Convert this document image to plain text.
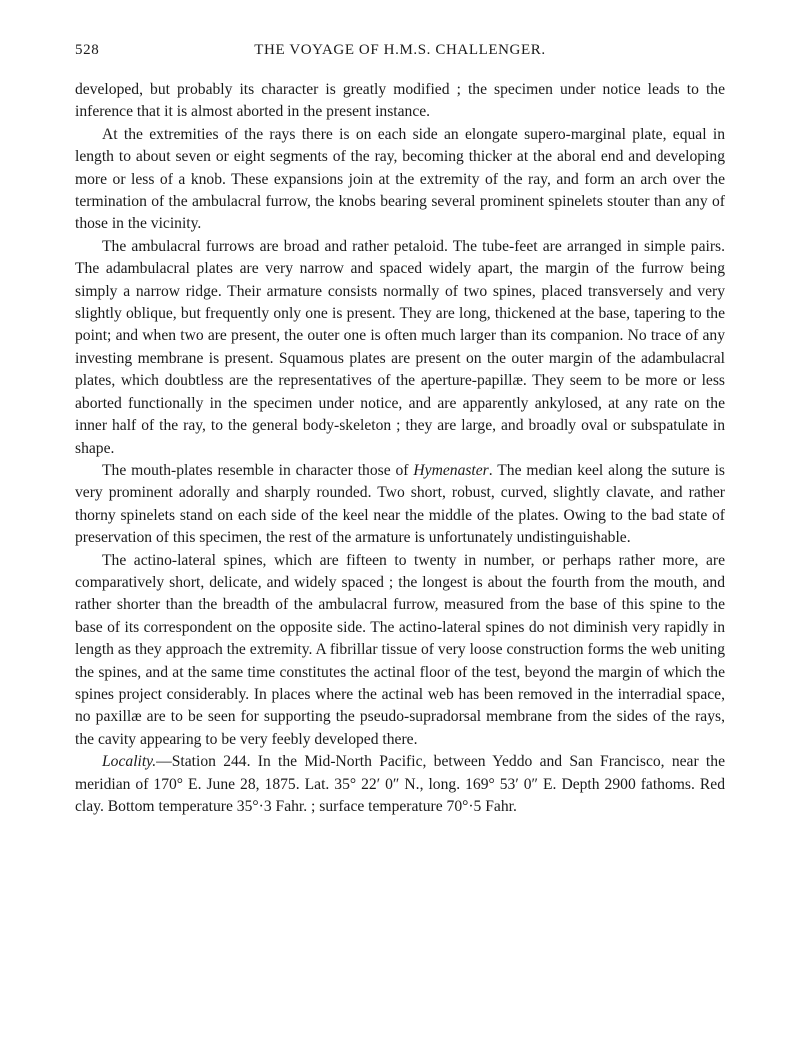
528	THE VOYAGE OF H.M.S. CHALLENGER.

developed, but probably its character is greatly modified ; the specimen under notice leads to the inference that it is almost aborted in the present instance.

At the extremities of the rays there is on each side an elongate supero-marginal plate, equal in length to about seven or eight segments of the ray, becoming thicker at the aboral end and developing more or less of a knob. These expansions join at the extremity of the ray, and form an arch over the termination of the ambulacral furrow, the knobs bearing several prominent spinelets stouter than any of those in the vicinity.

The ambulacral furrows are broad and rather petaloid. The tube-feet are arranged in simple pairs. The adambulacral plates are very narrow and spaced widely apart, the margin of the furrow being simply a narrow ridge. Their armature consists normally of two spines, placed transversely and very slightly oblique, but frequently only one is present. They are long, thickened at the base, tapering to the point; and when two are present, the outer one is often much larger than its companion. No trace of any investing membrane is present. Squamous plates are present on the outer margin of the adambulacral plates, which doubtless are the representatives of the aperture-papillæ. They seem to be more or less aborted functionally in the specimen under notice, and are apparently ankylosed, at any rate on the inner half of the ray, to the general body-skeleton ; they are large, and broadly oval or subspatulate in shape.

The mouth-plates resemble in character those of Hymenaster. The median keel along the suture is very prominent adorally and sharply rounded. Two short, robust, curved, slightly clavate, and rather thorny spinelets stand on each side of the keel near the middle of the plates. Owing to the bad state of preservation of this specimen, the rest of the armature is unfortunately undistinguishable.

The actino-lateral spines, which are fifteen to twenty in number, or perhaps rather more, are comparatively short, delicate, and widely spaced ; the longest is about the fourth from the mouth, and rather shorter than the breadth of the ambulacral furrow, measured from the base of this spine to the base of its correspondent on the opposite side. The actino-lateral spines do not diminish very rapidly in length as they approach the extremity. A fibrillar tissue of very loose construction forms the web uniting the spines, and at the same time constitutes the actinal floor of the test, beyond the margin of which the spines project considerably. In places where the actinal web has been removed in the interradial space, no paxillæ are to be seen for supporting the pseudo-supradorsal membrane from the sides of the rays, the cavity appearing to be very feebly developed there.

Locality.—Station 244. In the Mid-North Pacific, between Yeddo and San Francisco, near the meridian of 170° E. June 28, 1875. Lat. 35° 22′ 0″ N., long. 169° 53′ 0″ E. Depth 2900 fathoms. Red clay. Bottom temperature 35°·3 Fahr. ; surface temperature 70°·5 Fahr.
